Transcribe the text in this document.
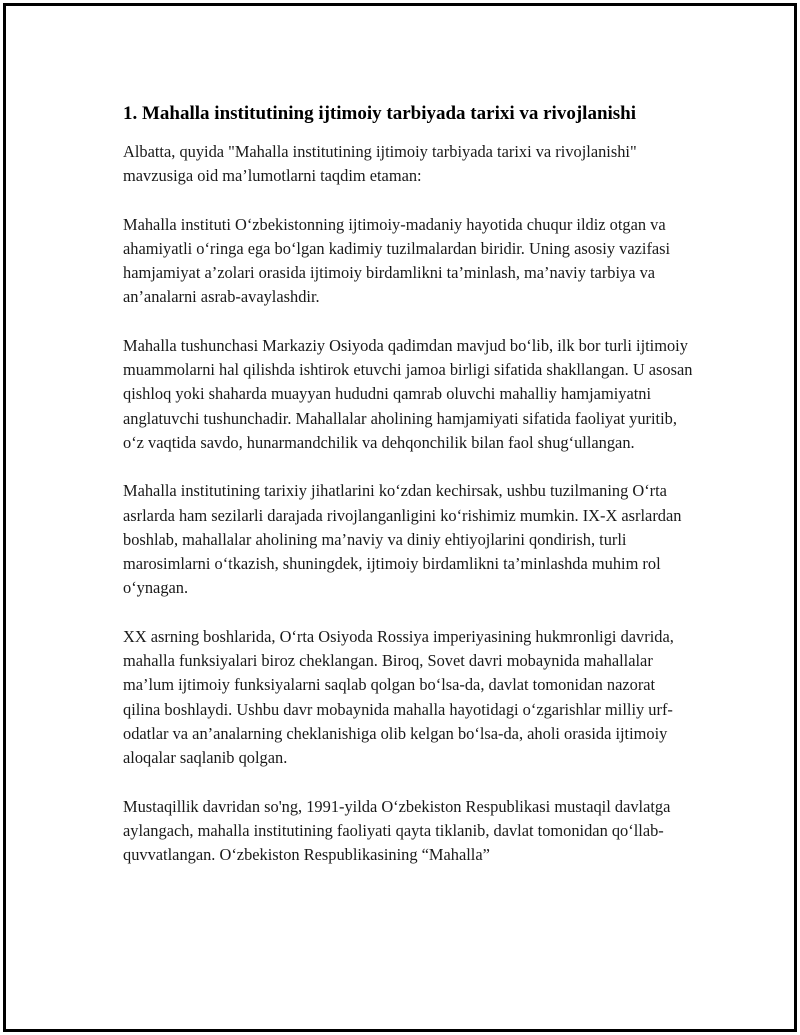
1. Mahalla institutining ijtimoiy tarbiyada tarixi va rivojlanishi

Albatta, quyida "Mahalla institutining ijtimoiy tarbiyada tarixi va rivojlanishi" mavzusiga oid ma’lumotlarni taqdim etaman:

Mahalla instituti O‘zbekistonning ijtimoiy-madaniy hayotida chuqur ildiz otgan va ahamiyatli o‘ringa ega bo‘lgan kadimiy tuzilmalardan biridir. Uning asosiy vazifasi hamjamiyat a’zolari orasida ijtimoiy birdamlikni ta’minlash, ma’naviy tarbiya va an’analarni asrab-avaylashdir.

Mahalla tushunchasi Markaziy Osiyoda qadimdan mavjud bo‘lib, ilk bor turli ijtimoiy muammolarni hal qilishda ishtirok etuvchi jamoa birligi sifatida shakllangan. U asosan qishloq yoki shaharda muayyan hududni qamrab oluvchi mahalliy hamjamiyatni anglatuvchi tushunchadir. Mahallalar aholining hamjamiyati sifatida faoliyat yuritib, o‘z vaqtida savdo, hunarmandchilik va dehqonchilik bilan faol shug‘ullangan.

Mahalla institutining tarixiy jihatlarini ko‘zdan kechirsak, ushbu tuzilmaning O‘rta asrlarda ham sezilarli darajada rivojlanganligini ko‘rishimiz mumkin. IX-X asrlardan boshlab, mahallalar aholining ma’naviy va diniy ehtiyojlarini qondirish, turli marosimlarni o‘tkazish, shuningdek, ijtimoiy birdamlikni ta’minlashda muhim rol o‘ynagan.

XX asrning boshlarida, O‘rta Osiyoda Rossiya imperiyasining hukmronligi davrida, mahalla funksiyalari biroz cheklangan. Biroq, Sovet davri mobaynida mahallalar ma’lum ijtimoiy funksiyalarni saqlab qolgan bo‘lsa-da, davlat tomonidan nazorat qilina boshlaydi. Ushbu davr mobaynida mahalla hayotidagi o‘zgarishlar milliy urf-odatlar va an’analarning cheklanishiga olib kelgan bo‘lsa-da, aholi orasida ijtimoiy aloqalar saqlanib qolgan.

Mustaqillik davridan so'ng, 1991-yilda O‘zbekiston Respublikasi mustaqil davlatga aylangach, mahalla institutining faoliyati qayta tiklanib, davlat tomonidan qo‘llab-quvvatlangan. O‘zbekiston Respublikasining “Mahalla”
